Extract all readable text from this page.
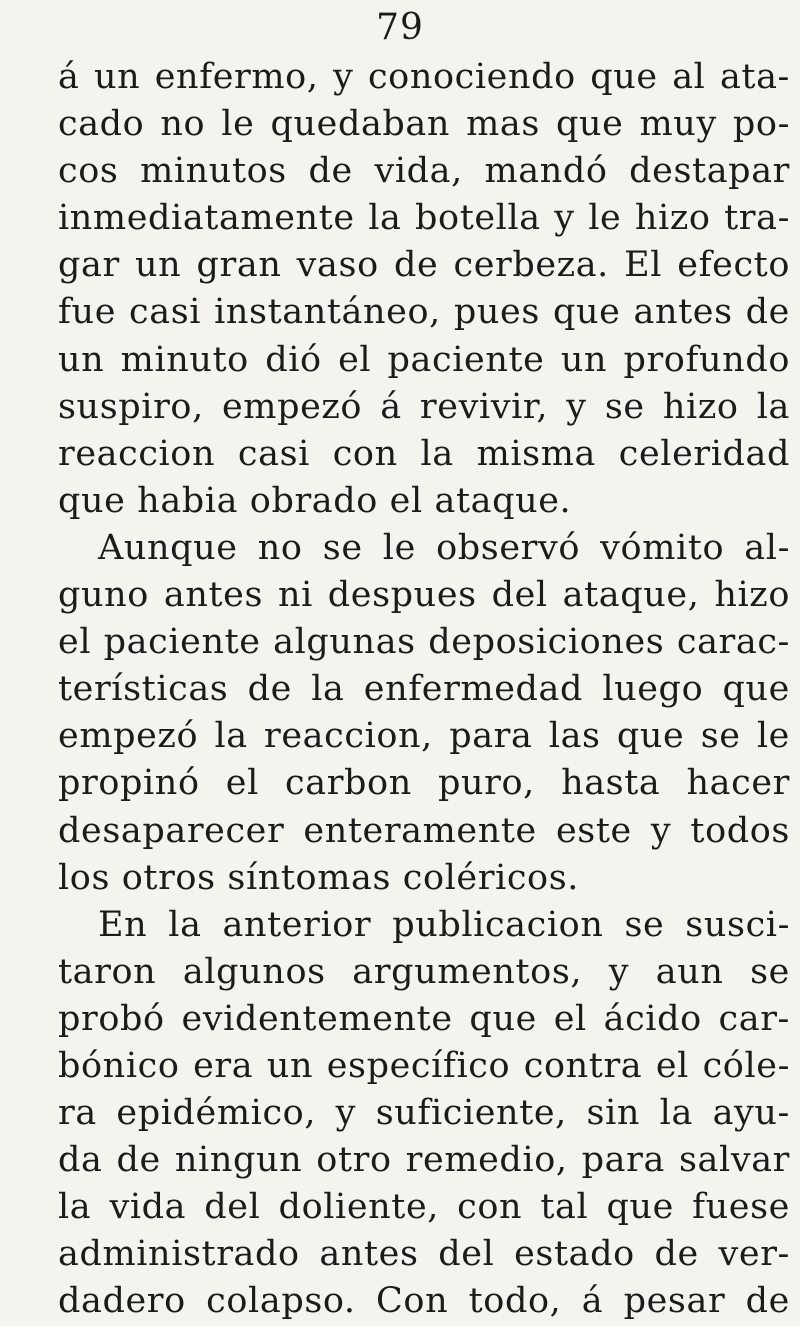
79
á un enfermo, y conociendo que al ata-
cado no le quedaban mas que muy po-
cos minutos de vida, mandó destapar
inmediatamente la botella y le hizo tra-
gar un gran vaso de cerbeza. El efecto
fue casi instantáneo, pues que antes de
un minuto dió el paciente un profundo
suspiro, empezó á revivir, y se hizo la
reaccion casi con la misma celeridad
que habia obrado el ataque.
Aunque no se le observó vómito al-
guno antes ni despues del ataque, hizo
el paciente algunas deposiciones carac-
terísticas de la enfermedad luego que
empezó la reaccion, para las que se le
propinó el carbon puro, hasta hacer
desaparecer enteramente este y todos
los otros síntomas coléricos.
En la anterior publicacion se susci-
taron algunos argumentos, y aun se
probó evidentemente que el ácido car-
bónico era un específico contra el cóle-
ra epidémico, y suficiente, sin la ayu-
da de ningun otro remedio, para salvar
la vida del doliente, con tal que fuese
administrado antes del estado de ver-
dadero colapso. Con todo, á pesar de
